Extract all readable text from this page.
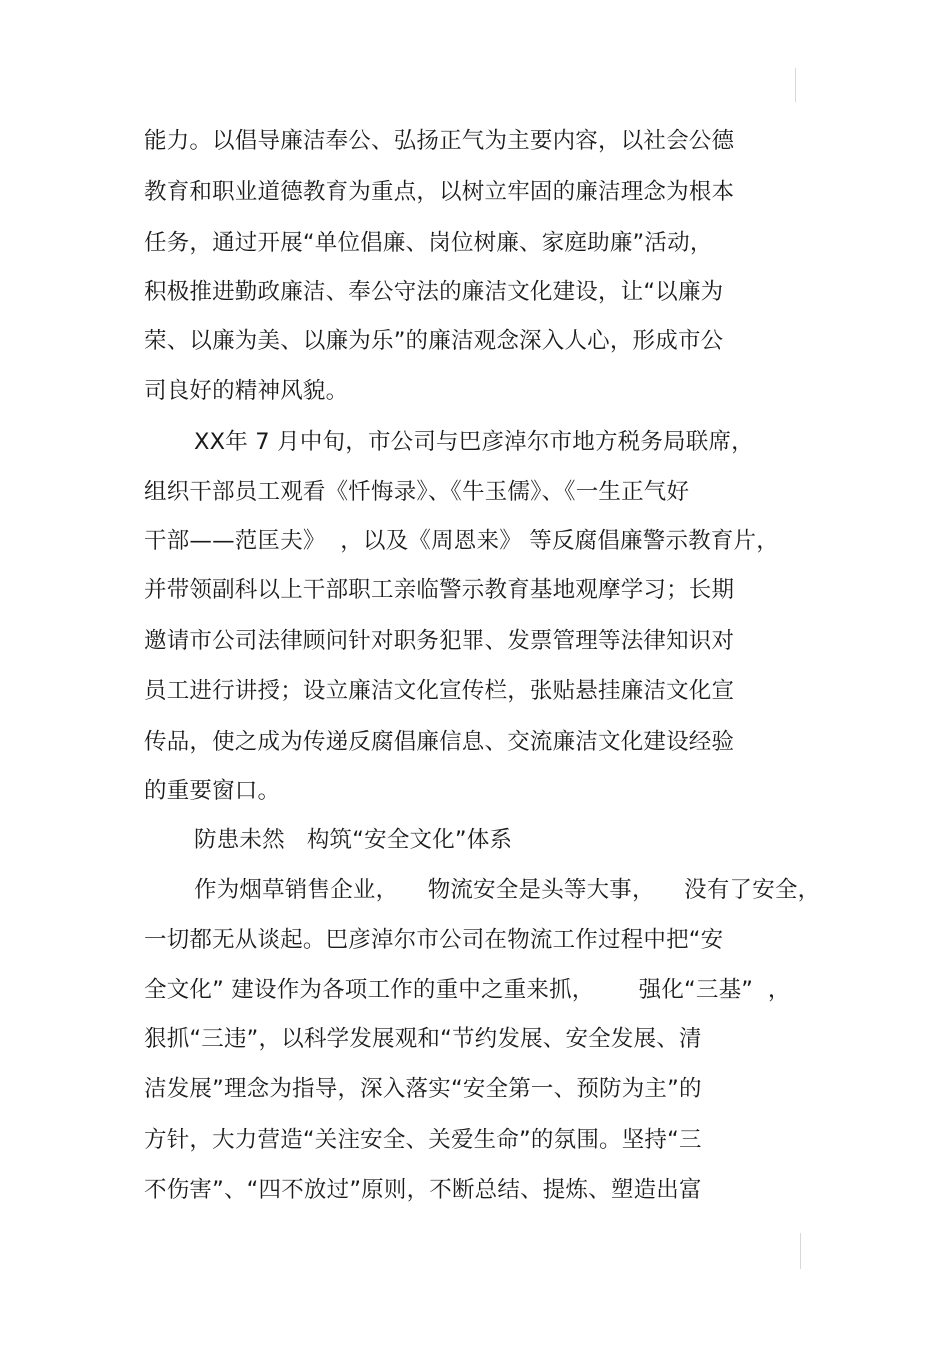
能力。以倡导廉洁奉公、弘扬正气为主要内容，以社会公德
教育和职业道德教育为重点，以树立牢固的廉洁理念为根本
任务，通过开展“单位倡廉、岗位树廉、家庭助廉”活动，
积极推进勤政廉洁、奉公守法的廉洁文化建设，让“以廉为
荣、以廉为美、以廉为乐”的廉洁观念深入人心，形成市公
司良好的精神风貌。
XX年 7 月中旬，市公司与巴彦淖尔市地方税务局联席，
组织干部员工观看《忏悔录》、《牛玉儒》、《一生正气好
干部——范匡夫》  ，以及《周恩来》 等反腐倡廉警示教育片，
并带领副科以上干部职工亲临警示教育基地观摩学习；长期
邀请市公司法律顾问针对职务犯罪、发票管理等法律知识对
员工进行讲授；设立廉洁文化宣传栏，张贴悬挂廉洁文化宣
传品，使之成为传递反腐倡廉信息、交流廉洁文化建设经验
的重要窗口。
防患未然   构筑“安全文化”体系
作为烟草销售企业，    物流安全是头等大事，    没有了安全，
一切都无从谈起。巴彦淖尔市公司在物流工作过程中把“安
全文化” 建设作为各项工作的重中之重来抓，      强化“三基”  ，
狠抓“三违”，以科学发展观和“节约发展、安全发展、清
洁发展”理念为指导，深入落实“安全第一、预防为主”的
方针，大力营造“关注安全、关爱生命”的氛围。坚持“三
不伤害”、“四不放过”原则，不断总结、提炼、塑造出富
